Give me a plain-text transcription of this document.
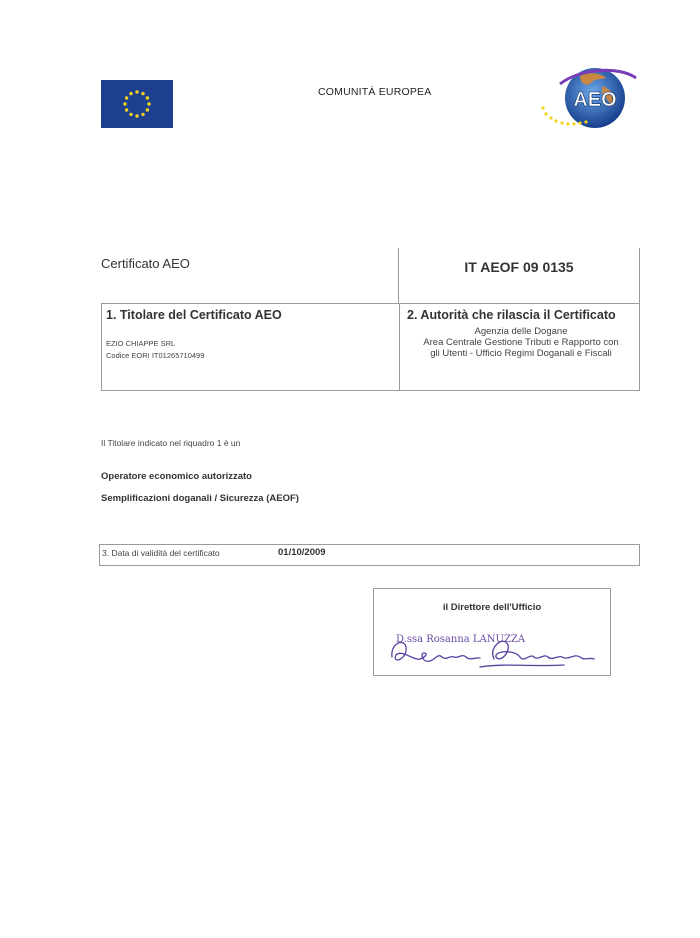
COMUNITÀ EUROPEA	AEO
Certificato AEO	IT AEOF 09 0135
1. Titolare del Certificato AEO
EZIO CHIAPPE SRL
Codice EORI IT01265710499
2. Autorità che rilascia il Certificato
Agenzia delle Dogane
Area Centrale Gestione Tributi e Rapporto con
gli Utenti - Ufficio Regimi Doganali e Fiscali
Il Titolare indicato nel riquadro 1 è un
Operatore economico autorizzato
Semplificazioni doganali / Sicurezza (AEOF)
3. Data di validità del certificato	01/10/2009
il Direttore dell'Ufficio
D.ssa Rosanna LANUZZA
